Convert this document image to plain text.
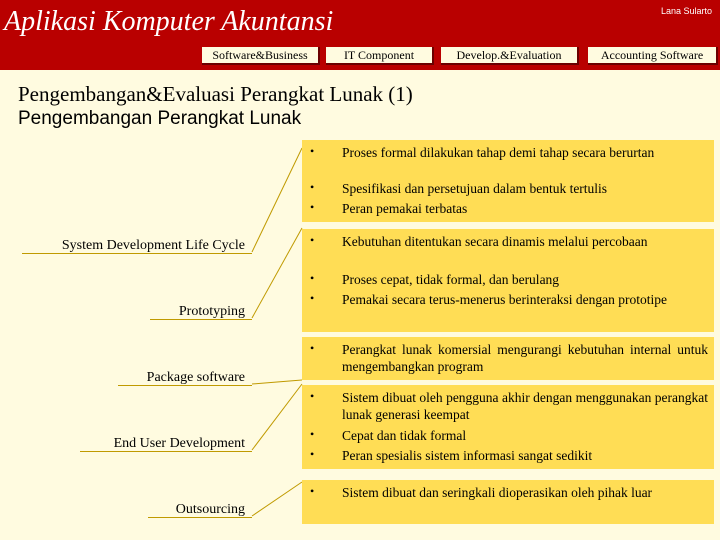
Aplikasi Komputer Akuntansi	Lana Sularto
Software&Business	IT Component	Develop.&Evaluation	Accounting Software
Pengembangan&Evaluasi Perangkat Lunak (1)
Pengembangan Perangkat Lunak
System Development Life Cycle
Prototyping
Package software
End User Development
Outsourcing
• Proses formal dilakukan tahap demi tahap secara berurtan
• Spesifikasi dan persetujuan dalam bentuk tertulis
• Peran pemakai terbatas
• Kebutuhan ditentukan secara dinamis melalui percobaan
• Proses cepat, tidak formal, dan berulang
• Pemakai secara terus-menerus berinteraksi dengan prototipe
• Perangkat lunak komersial mengurangi kebutuhan internal untuk mengembangkan program
• Sistem dibuat oleh pengguna akhir dengan menggunakan perangkat lunak generasi keempat
• Cepat dan tidak formal
• Peran spesialis sistem informasi sangat sedikit
• Sistem dibuat dan seringkali dioperasikan oleh pihak luar
